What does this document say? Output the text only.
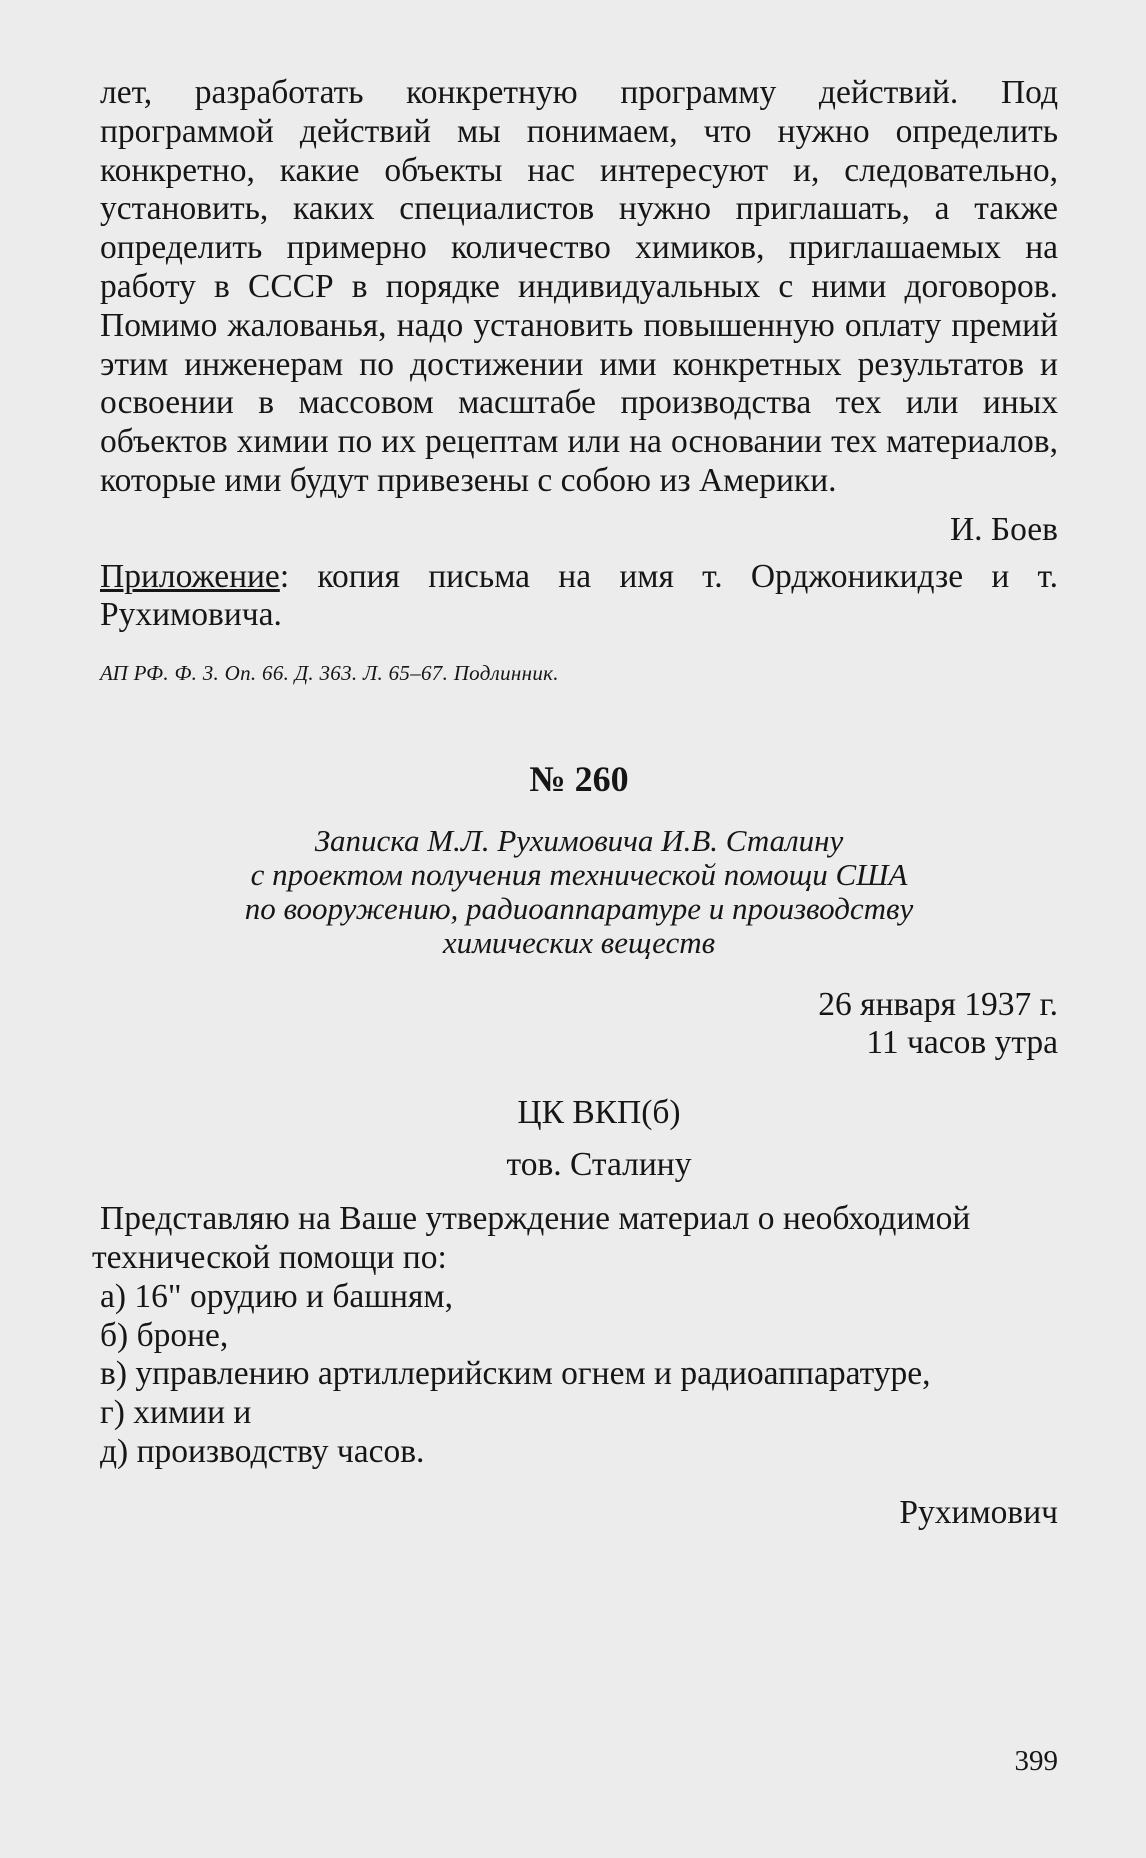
лет, разработать конкретную программу действий. Под программой действий мы понимаем, что нужно определить конкретно, какие объекты нас интересуют и, следовательно, установить, каких специалистов нужно приглашать, а также определить примерно количество химиков, приглашаемых на работу в СССР в порядке индивидуальных с ними договоров. Помимо жалованья, надо установить повышенную оплату премий этим инженерам по достижении ими конкретных результатов и освоении в массовом масштабе производства тех или иных объектов химии по их рецептам или на основании тех материалов, которые ими будут привезены с собою из Америки.

И. Боев

Приложение: копия письма на имя т. Орджоникидзе и т. Рухимовича.

АП РФ. Ф. 3. Оп. 66. Д. 363. Л. 65–67. Подлинник.

№ 260
Записка М.Л. Рухимовича И.В. Сталину
с проектом получения технической помощи США
по вооружению, радиоаппаратуре и производству
химических веществ

26 января 1937 г.

11 часов утра

ЦК ВКП(б)
тов. Сталину
Представляю на Ваше утверждение материал о необходимой
технической помощи по:

а) 16" орудию и башням,

б) броне,

в) управлению артиллерийским огнем и радиоаппаратуре,

г) химии и

д) производству часов.

Рухимович

399
